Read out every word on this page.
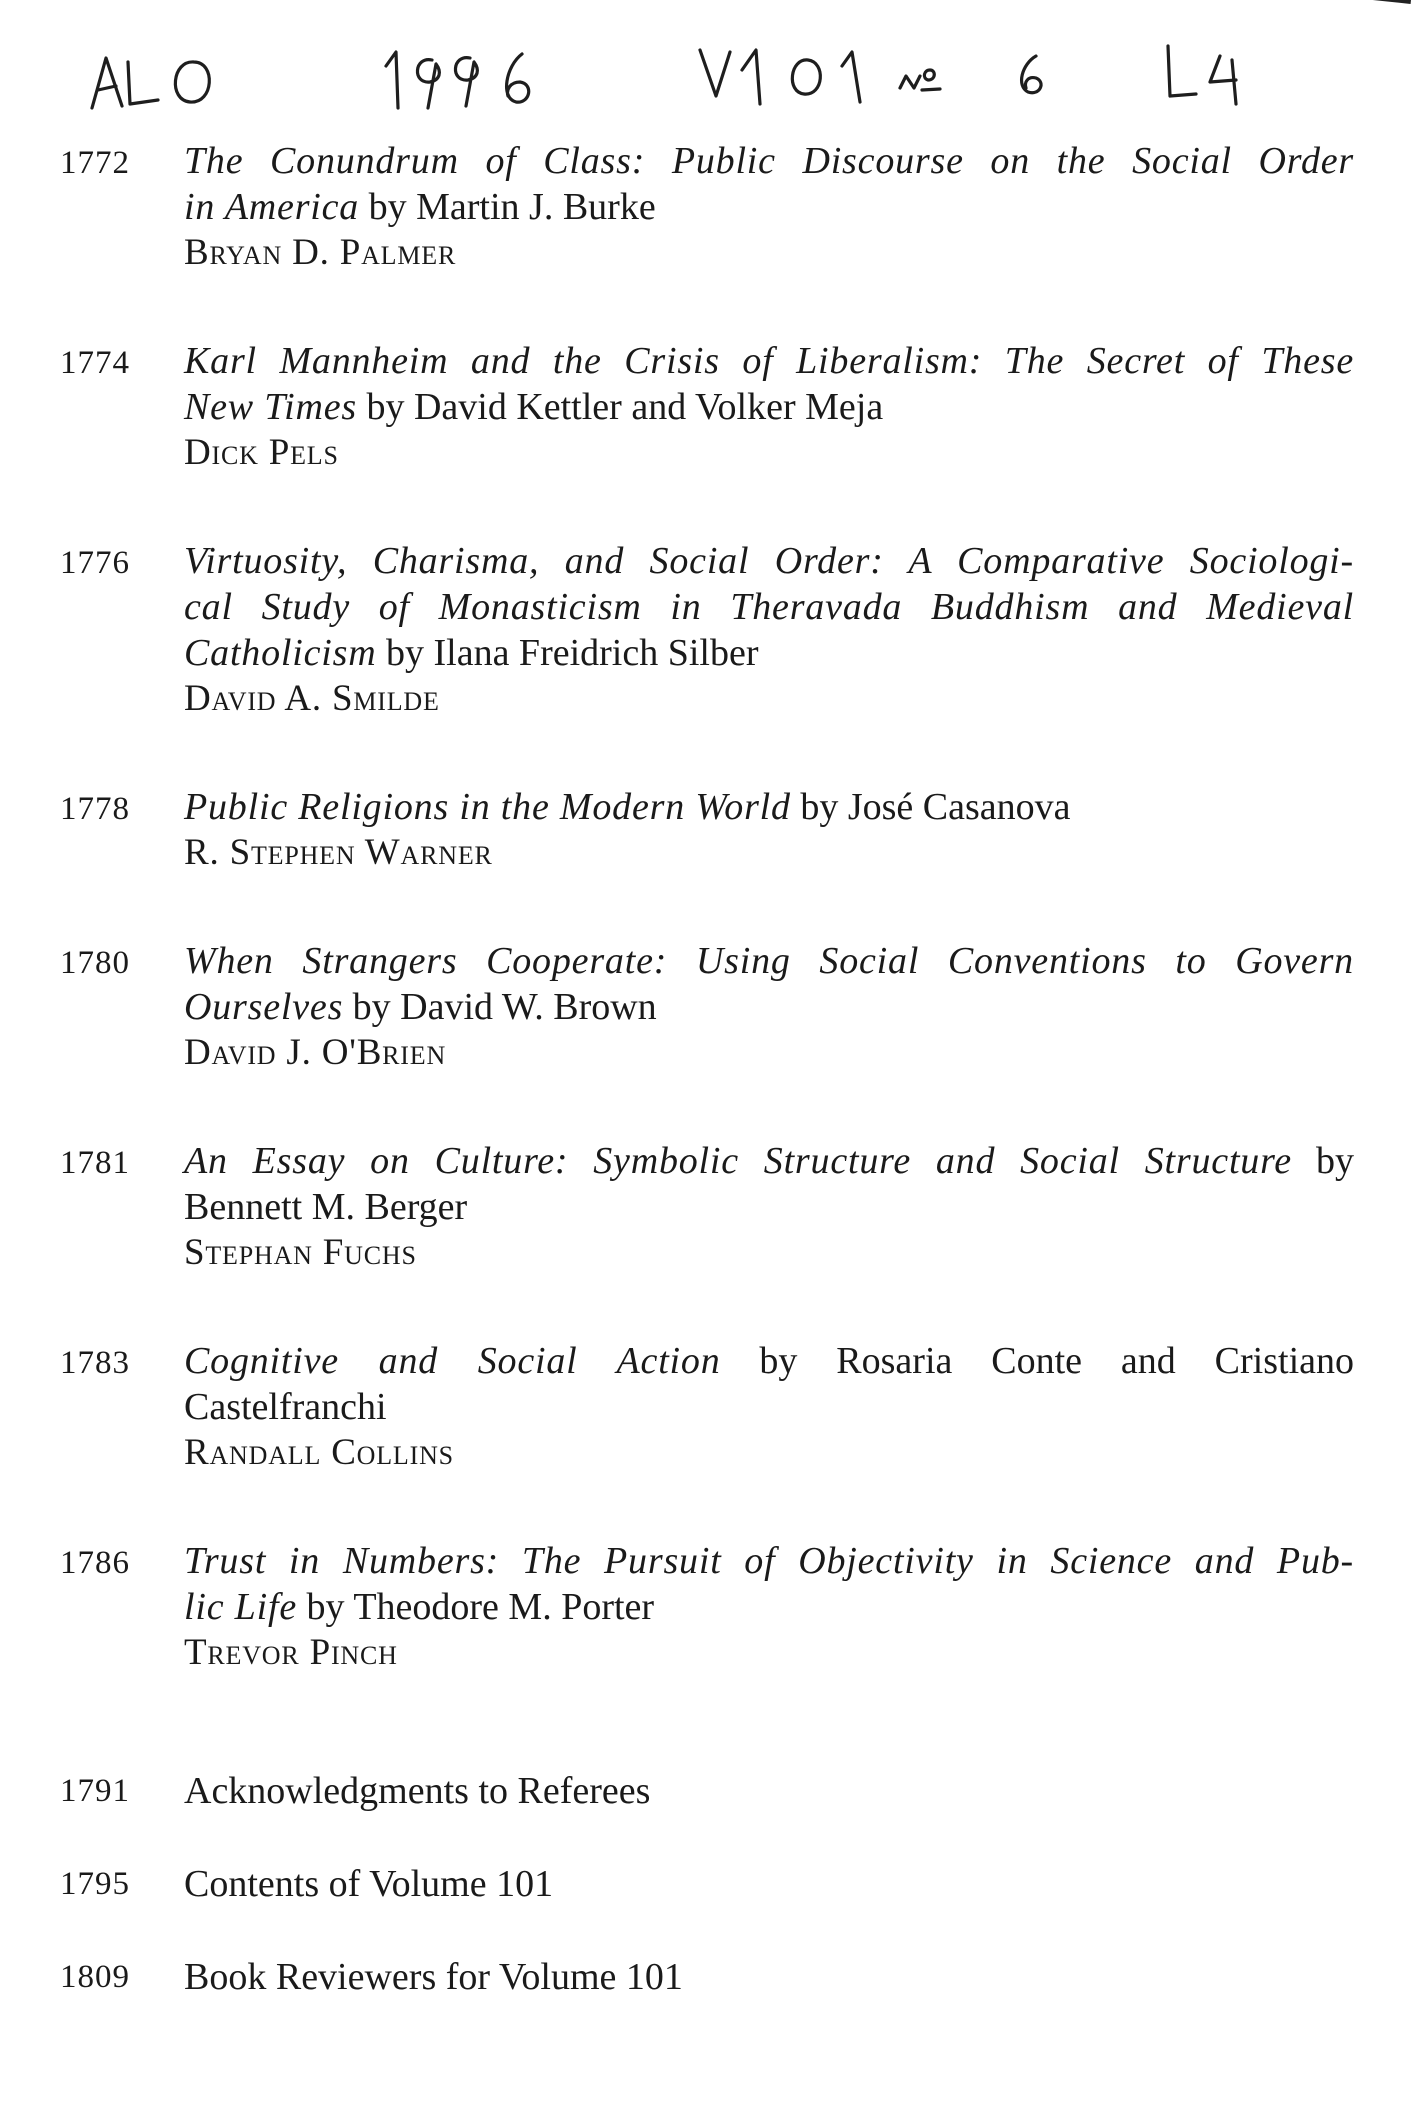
1772	The Conundrum of Class: Public Discourse on the Social Order
in America by Martin J. Burke
Bryan D. Palmer
1774	Karl Mannheim and the Crisis of Liberalism: The Secret of These
New Times by David Kettler and Volker Meja
Dick Pels
1776	Virtuosity, Charisma, and Social Order: A Comparative Sociologi-
cal Study of Monasticism in Theravada Buddhism and Medieval
Catholicism by Ilana Freidrich Silber
David A. Smilde
1778	Public Religions in the Modern World by José Casanova
R. Stephen Warner
1780	When Strangers Cooperate: Using Social Conventions to Govern
Ourselves by David W. Brown
David J. O'Brien
1781	An Essay on Culture: Symbolic Structure and Social Structure by
Bennett M. Berger
Stephan Fuchs
1783	Cognitive and Social Action by Rosaria Conte and Cristiano
Castelfranchi
Randall Collins
1786	Trust in Numbers: The Pursuit of Objectivity in Science and Pub-
lic Life by Theodore M. Porter
Trevor Pinch
1791	Acknowledgments to Referees
1795	Contents of Volume 101
1809	Book Reviewers for Volume 101
